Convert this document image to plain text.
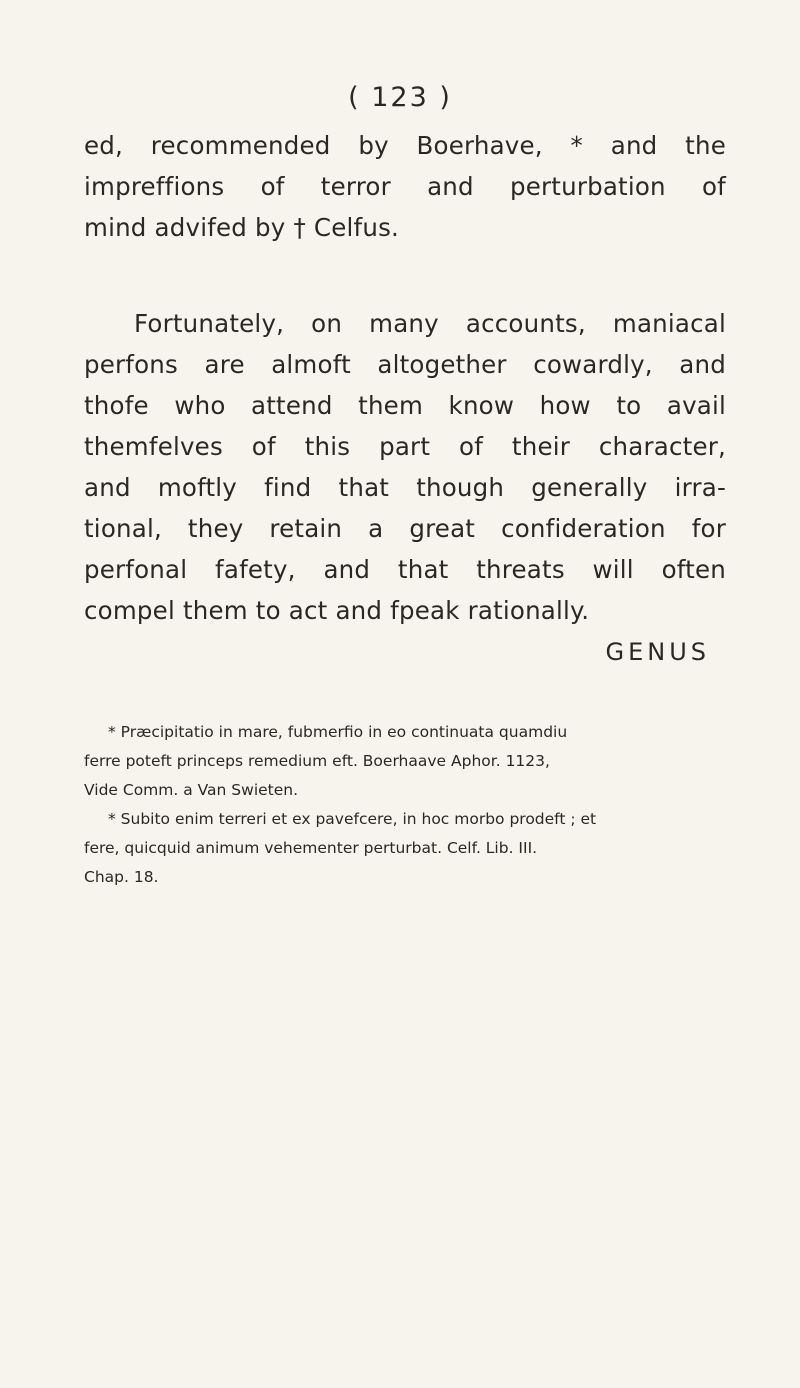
( 123 )
ed, recommended by Boerhave, * and the
impreffions of terror and perturbation of
mind advifed by † Celfus.
Fortunately, on many accounts, maniacal
perfons are almoft altogether cowardly, and
thofe who attend them know how to avail
themfelves of this part of their character,
and moftly find that though generally irra-
tional, they retain a great confideration for
perfonal fafety, and that threats will often
compel them to act and fpeak rationally.
GENUS
* Præcipitatio in mare, fubmerfio in eo continuata quamdiu
ferre poteft princeps remedium eft. Boerhaave Aphor. 1123,
Vide Comm. a Van Swieten.
* Subito enim terreri et ex pavefcere, in hoc morbo prodeft ; et
fere, quicquid animum vehementer perturbat. Celf. Lib. III.
Chap. 18.
